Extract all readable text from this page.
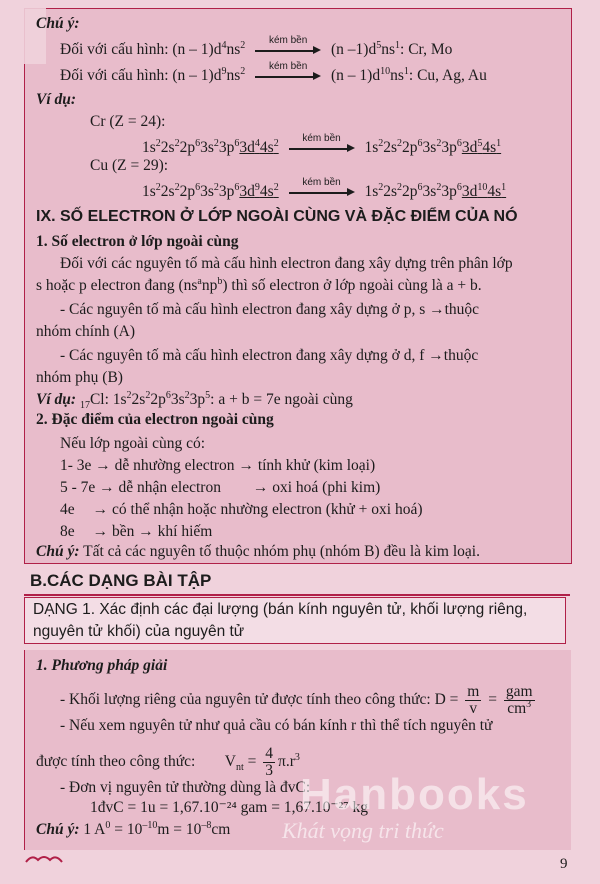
Chú ý:
Đối với cấu hình: $(n - 1)d^4ns^2$	kém bền
(n $-1)d^5ns^1$: Cr, Mo
Đối với cấu hình: $(n - 1)d^9ns^2$	kém bền
$(n - 1)d^{10}ns^1$: Cu, Ag, Au
Ví dụ:
Cr (Z = 24):
$1s^22s^22p^63s^23p^63d^44s^2$	kém bền
$1s^22s^22p^63s^23p^63d^54s^1$
Cu (Z = 29):
$1s^22s^22p^63s^23p^63d^94s^2$	kém bền
$1s^22s^22p^63s^23p^63d^{10}4s^1$
IX. SỐ ELECTRON Ở LỚP NGOÀI CÙNG VÀ ĐẶC ĐIỂM CỦA NÓ
1. Số electron ở lớp ngoài cùng
Đối với các nguyên tố mà cấu hình electron đang xây dựng trên phân lớp
s hoặc p electron đang $(ns^anp^b)$ thì số electron ở lớp ngoài cùng là a + b.
- Các nguyên tố mà cấu hình electron đang xây dựng ở p, s →thuộc
nhóm chính (A)
- Các nguyên tố mà cấu hình electron đang xây dựng ở d, f →thuộc
nhóm phụ (B)
Ví dụ: $_{17}$Cl: $1s^22s^22p^63s^23p^5$: a + b = 7e ngoài cùng
2. Đặc điểm của electron ngoài cùng
Nếu lớp ngoài cùng có:
1- 3e → dễ nhường electron → tính khử (kim loại)
5 - 7e → dễ nhận electron → oxi hoá (phi kim)
4e → có thể nhận hoặc nhường electron (khử + oxi hoá)
8e → bền → khí hiếm
Chú ý: Tất cả các nguyên tố thuộc nhóm phụ (nhóm B) đều là kim loại.
B.CÁC DẠNG BÀI TẬP
DẠNG 1. Xác định các đại lượng (bán kính nguyên tử, khối lượng riêng, nguyên tử khối) của nguyên tử
1. Phương pháp giải
- Khối lượng riêng của nguyên tử được tính theo công thức: $D = \frac{m}{v} = \frac{\text{gam}}{cm^3}$
- Nếu xem nguyên tử như quả cầu có bán kính r thì thể tích nguyên tử
được tính theo công thức:  $V_{nt} = \frac{4}{3} \pi.r^3$
- Đơn vị nguyên tử thường dùng là đvC:
1đvC = 1u = 1,67.10⁻²⁴ gam = 1,67.10⁻²⁷ kg
Chú ý: 1 $A^0 = 10^{-10}m = 10^{-8}cm$
Hanbooks
Khát vọng tri thức
9
